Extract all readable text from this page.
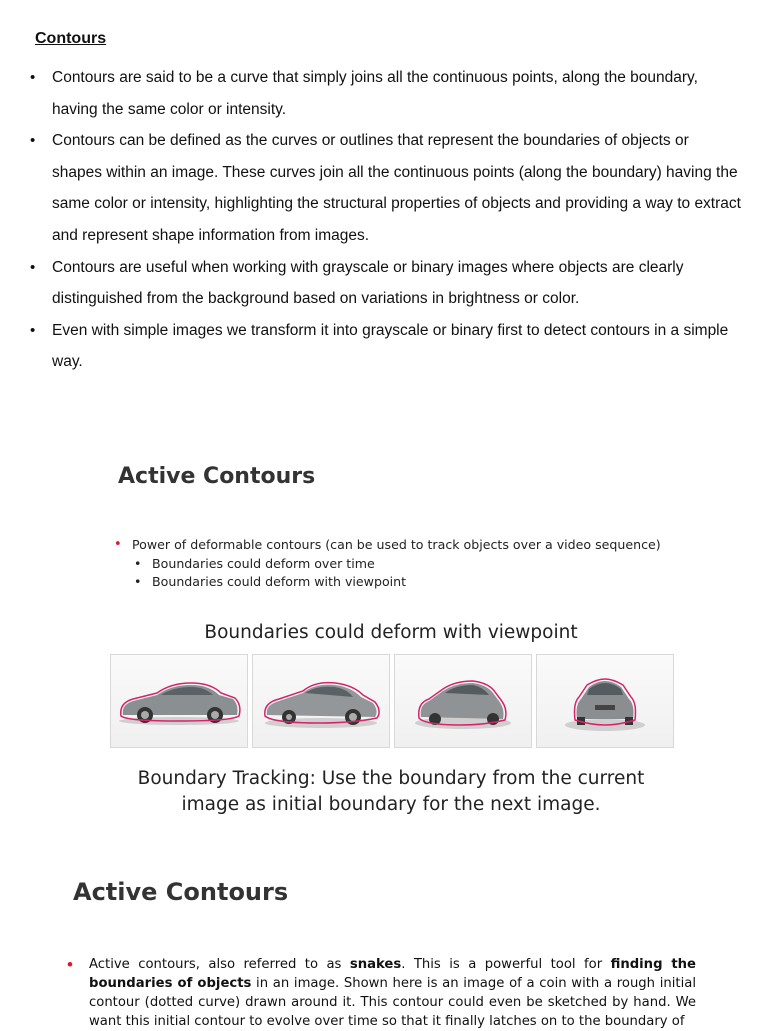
Contours
• Contours are said to be a curve that simply joins all the continuous points, along the boundary, having the same color or intensity.
• Contours can be defined as the curves or outlines that represent the boundaries of objects or shapes within an image. These curves join all the continuous points (along the boundary) having the same color or intensity, highlighting the structural properties of objects and providing a way to extract and represent shape information from images.
• Contours are useful when working with grayscale or binary images where objects are clearly distinguished from the background based on variations in brightness or color.
• Even with simple images we transform it into grayscale or binary first to detect contours in a simple way.
Active Contours
• Power of deformable contours (can be used to track objects over a video sequence)
• Boundaries could deform over time
• Boundaries could deform with viewpoint
Boundaries could deform with viewpoint
Boundary Tracking: Use the boundary from the current
image as initial boundary for the next image.
Active Contours
• Active contours, also referred to as snakes. This is a powerful tool for finding the boundaries of objects in an image. Shown here is an image of a coin with a rough initial contour (dotted curve) drawn around it. This contour could even be sketched by hand. We want this initial contour to evolve over time so that it finally latches on to the boundary of
